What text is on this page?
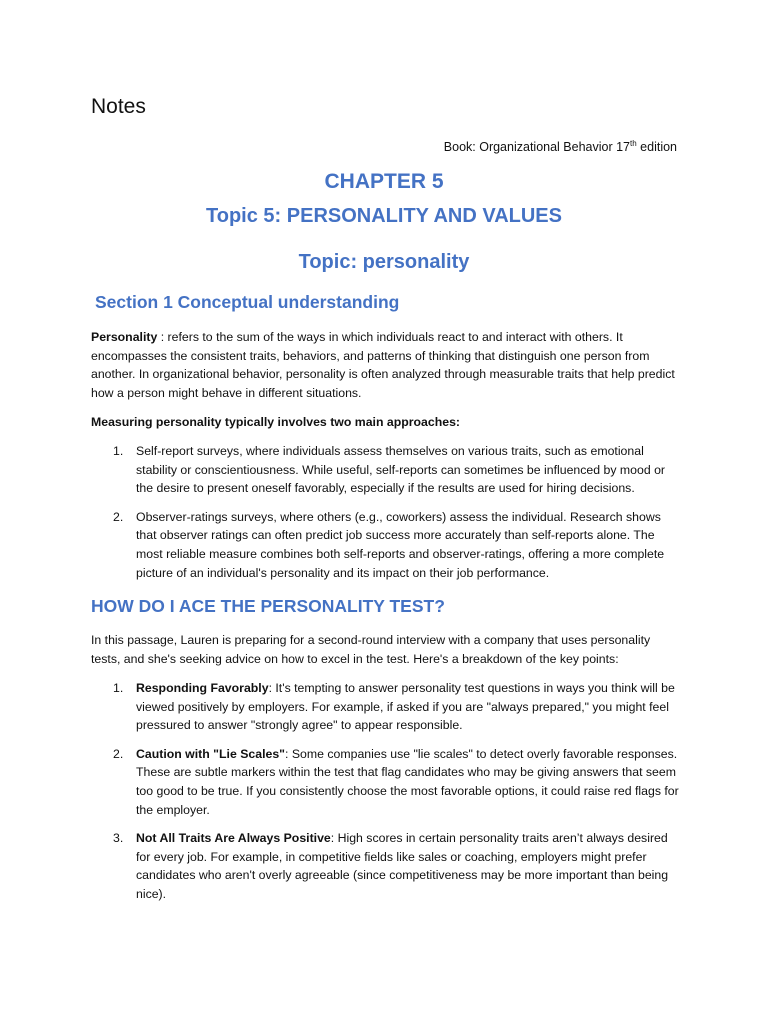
Notes

Book: Organizational Behavior 17th edition

CHAPTER 5
Topic 5: PERSONALITY AND VALUES
Topic: personality
Section 1 Conceptual understanding

Personality : refers to the sum of the ways in which individuals react to and interact with others. It encompasses the consistent traits, behaviors, and patterns of thinking that distinguish one person from another. In organizational behavior, personality is often analyzed through measurable traits that help predict how a person might behave in different situations.

Measuring personality typically involves two main approaches:

1. Self-report surveys, where individuals assess themselves on various traits, such as emotional stability or conscientiousness. While useful, self-reports can sometimes be influenced by mood or the desire to present oneself favorably, especially if the results are used for hiring decisions.
2. Observer-ratings surveys, where others (e.g., coworkers) assess the individual. Research shows that observer ratings can often predict job success more accurately than self-reports alone. The most reliable measure combines both self-reports and observer-ratings, offering a more complete picture of an individual's personality and its impact on their job performance.
HOW DO I ACE THE PERSONALITY TEST?

In this passage, Lauren is preparing for a second-round interview with a company that uses personality tests, and she's seeking advice on how to excel in the test. Here's a breakdown of the key points:

1. Responding Favorably: It's tempting to answer personality test questions in ways you think will be viewed positively by employers. For example, if asked if you are "always prepared," you might feel pressured to answer "strongly agree" to appear responsible.
2. Caution with "Lie Scales": Some companies use "lie scales" to detect overly favorable responses. These are subtle markers within the test that flag candidates who may be giving answers that seem too good to be true. If you consistently choose the most favorable options, it could raise red flags for the employer.
3. Not All Traits Are Always Positive: High scores in certain personality traits aren’t always desired for every job. For example, in competitive fields like sales or coaching, employers might prefer candidates who aren't overly agreeable (since competitiveness may be more important than being nice).
